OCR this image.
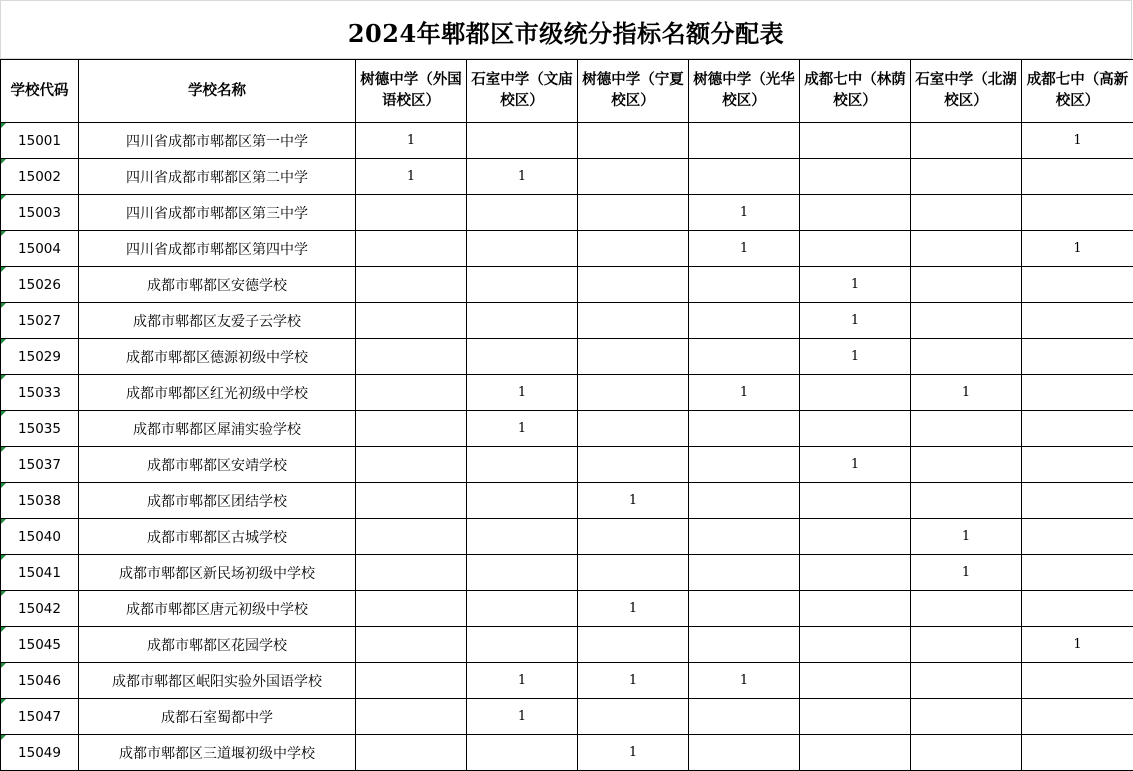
2024年郫都区市级统分指标名额分配表
学校代码	学校名称	树德中学（外国语校区）	石室中学（文庙校区）	树德中学（宁夏校区）	树德中学（光华校区）	成都七中（林荫校区）	石室中学（北湖校区）	成都七中（高新校区）
15001	四川省成都市郫都区第一中学	1						1
15002	四川省成都市郫都区第二中学	1	1					
15003	四川省成都市郫都区第三中学				1			
15004	四川省成都市郫都区第四中学				1			1
15026	成都市郫都区安德学校					1		
15027	成都市郫都区友爱子云学校					1		
15029	成都市郫都区德源初级中学校					1		
15033	成都市郫都区红光初级中学校		1		1		1	
15035	成都市郫都区犀浦实验学校		1					
15037	成都市郫都区安靖学校					1		
15038	成都市郫都区团结学校			1				
15040	成都市郫都区古城学校						1	
15041	成都市郫都区新民场初级中学校						1	
15042	成都市郫都区唐元初级中学校			1				
15045	成都市郫都区花园学校							1
15046	成都市郫都区岷阳实验外国语学校		1	1	1			
15047	成都石室蜀都中学		1					
15049	成都市郫都区三道堰初级中学校			1				
